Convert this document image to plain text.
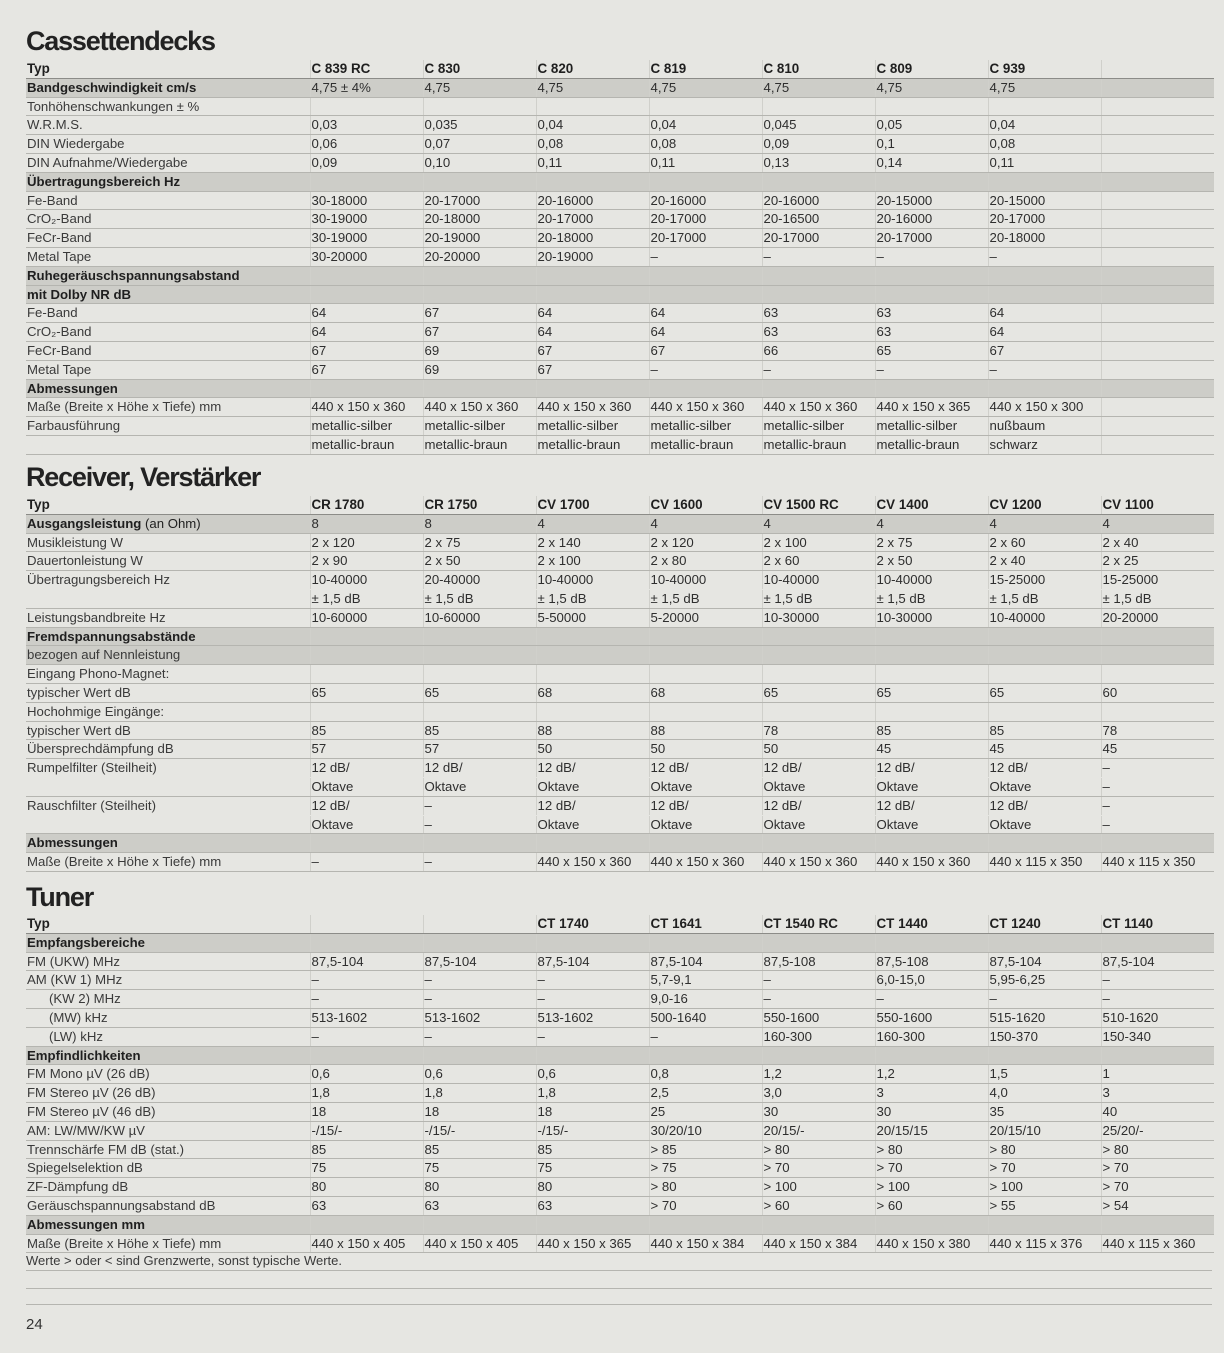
Cassettendecks
Typ	C 839 RC	C 830	C 820	C 819	C 810	C 809	C 939	
Bandgeschwindigkeit cm/s	4,75 ± 4%	4,75	4,75	4,75	4,75	4,75	4,75	
Tonhöhenschwankungen ± %								
W.R.M.S.	0,03	0,035	0,04	0,04	0,045	0,05	0,04	
DIN Wiedergabe	0,06	0,07	0,08	0,08	0,09	0,1	0,08	
DIN Aufnahme/Wiedergabe	0,09	0,10	0,11	0,11	0,13	0,14	0,11	
Übertragungsbereich Hz								
Fe-Band	30-18000	20-17000	20-16000	20-16000	20-16000	20-15000	20-15000	
CrO₂-Band	30-19000	20-18000	20-17000	20-17000	20-16500	20-16000	20-17000	
FeCr-Band	30-19000	20-19000	20-18000	20-17000	20-17000	20-17000	20-18000	
Metal Tape	30-20000	20-20000	20-19000	–	–	–	–	
Ruhegeräuschspannungsabstand								
mit Dolby NR dB								
Fe-Band	64	67	64	64	63	63	64	
CrO₂-Band	64	67	64	64	63	63	64	
FeCr-Band	67	69	67	67	66	65	67	
Metal Tape	67	69	67	–	–	–	–	
Abmessungen								
Maße (Breite x Höhe x Tiefe) mm	440 x 150 x 360	440 x 150 x 360	440 x 150 x 360	440 x 150 x 360	440 x 150 x 360	440 x 150 x 365	440 x 150 x 300	
Farbausführung	metallic-silber	metallic-silber	metallic-silber	metallic-silber	metallic-silber	metallic-silber	nußbaum	
	metallic-braun	metallic-braun	metallic-braun	metallic-braun	metallic-braun	metallic-braun	schwarz	
Receiver, Verstärker
Typ	CR 1780	CR 1750	CV 1700	CV 1600	CV 1500 RC	CV 1400	CV 1200	CV 1100
Ausgangsleistung (an Ohm)	8	8	4	4	4	4	4	4
Musikleistung W	2 x 120	2 x 75	2 x 140	2 x 120	2 x 100	2 x 75	2 x 60	2 x 40
Dauertonleistung W	2 x 90	2 x 50	2 x 100	2 x 80	2 x 60	2 x 50	2 x 40	2 x 25
Übertragungsbereich Hz	10-40000	20-40000	10-40000	10-40000	10-40000	10-40000	15-25000	15-25000
	± 1,5 dB	± 1,5 dB	± 1,5 dB	± 1,5 dB	± 1,5 dB	± 1,5 dB	± 1,5 dB	± 1,5 dB
Leistungsbandbreite Hz	10-60000	10-60000	5-50000	5-20000	10-30000	10-30000	10-40000	20-20000
Fremdspannungsabstände								
bezogen auf Nennleistung								
Eingang Phono-Magnet:								
typischer Wert dB	65	65	68	68	65	65	65	60
Hochohmige Eingänge:								
typischer Wert dB	85	85	88	88	78	85	85	78
Übersprechdämpfung dB	57	57	50	50	50	45	45	45
Rumpelfilter (Steilheit)	12 dB/	12 dB/	12 dB/	12 dB/	12 dB/	12 dB/	12 dB/	–
	Oktave	Oktave	Oktave	Oktave	Oktave	Oktave	Oktave	–
Rauschfilter (Steilheit)	12 dB/	–	12 dB/	12 dB/	12 dB/	12 dB/	12 dB/	–
	Oktave	–	Oktave	Oktave	Oktave	Oktave	Oktave	–
Abmessungen								
Maße (Breite x Höhe x Tiefe) mm	–	–	440 x 150 x 360	440 x 150 x 360	440 x 150 x 360	440 x 150 x 360	440 x 115 x 350	440 x 115 x 350
Tuner
Typ			CT 1740	CT 1641	CT 1540 RC	CT 1440	CT 1240	CT 1140
Empfangsbereiche								
FM (UKW) MHz	87,5-104	87,5-104	87,5-104	87,5-104	87,5-108	87,5-108	87,5-104	87,5-104
AM (KW 1) MHz	–	–	–	5,7-9,1	–	6,0-15,0	5,95-6,25	–
(KW 2) MHz	–	–	–	9,0-16	–	–	–	–
(MW) kHz	513-1602	513-1602	513-1602	500-1640	550-1600	550-1600	515-1620	510-1620
(LW) kHz	–	–	–	–	160-300	160-300	150-370	150-340
Empfindlichkeiten								
FM Mono µV (26 dB)	0,6	0,6	0,6	0,8	1,2	1,2	1,5	1
FM Stereo µV (26 dB)	1,8	1,8	1,8	2,5	3,0	3	4,0	3
FM Stereo µV (46 dB)	18	18	18	25	30	30	35	40
AM: LW/MW/KW µV	-/15/-	-/15/-	-/15/-	30/20/10	20/15/-	20/15/15	20/15/10	25/20/-
Trennschärfe FM dB (stat.)	85	85	85	> 85	> 80	> 80	> 80	> 80
Spiegelselektion dB	75	75	75	> 75	> 70	> 70	> 70	> 70
ZF-Dämpfung dB	80	80	80	> 80	> 100	> 100	> 100	> 70
Geräuschspannungsabstand dB	63	63	63	> 70	> 60	> 60	> 55	> 54
Abmessungen mm								
Maße (Breite x Höhe x Tiefe) mm	440 x 150 x 405	440 x 150 x 405	440 x 150 x 365	440 x 150 x 384	440 x 150 x 384	440 x 150 x 380	440 x 115 x 376	440 x 115 x 360
Werte > oder < sind Grenzwerte, sonst typische Werte.
24
